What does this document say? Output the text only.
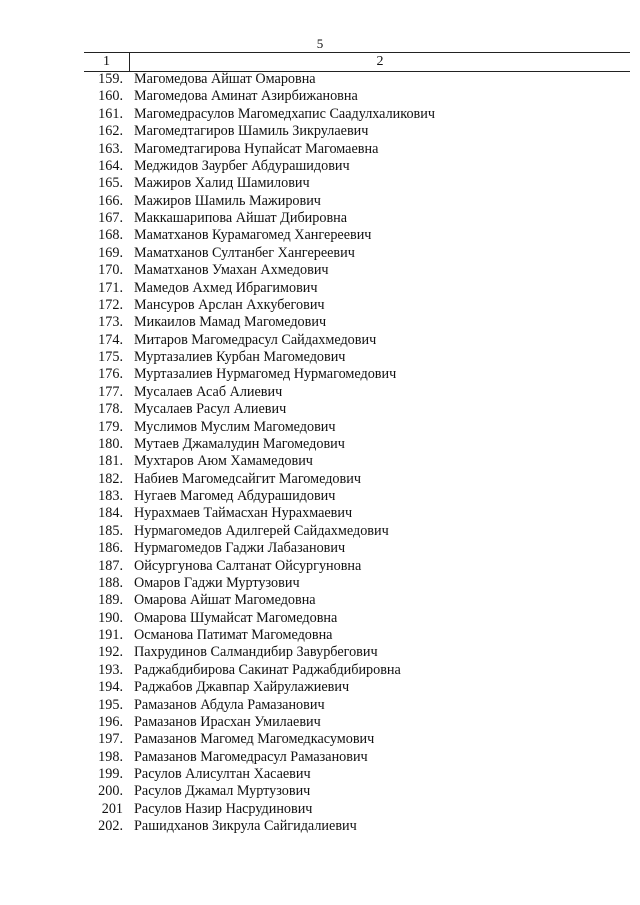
5
1	2
159. Магомедова Айшат Омаровна
160. Магомедова Аминат Азирбижановна
161. Магомедрасулов Магомедхапис Саадулхаликович
162. Магомедтагиров Шамиль Зикрулаевич
163. Магомедтагирова Нупайсат Магомаевна
164. Меджидов Заурбег Абдурашидович
165. Мажиров Халид Шамилович
166. Мажиров Шамиль Мажирович
167. Маккашарипова Айшат Дибировна
168. Маматханов Курамагомед Хангереевич
169. Маматханов Султанбег Хангереевич
170. Маматханов Умахан Ахмедович
171. Мамедов Ахмед Ибрагимович
172. Мансуров Арслан Ахкубегович
173. Микаилов Мамад Магомедович
174. Митаров Магомедрасул Сайдахмедович
175. Муртазалиев Курбан Магомедович
176. Муртазалиев Нурмагомед Нурмагомедович
177. Мусалаев Асаб Алиевич
178. Мусалаев Расул Алиевич
179. Муслимов Муслим Магомедович
180. Мутаев Джамалудин Магомедович
181. Мухтаров Аюм Хамамедович
182. Набиев Магомедсайгит Магомедович
183. Нугаев Магомед Абдурашидович
184. Нурахмаев Таймасхан Нурахмаевич
185. Нурмагомедов Адилгерей Сайдахмедович
186. Нурмагомедов Гаджи Лабазанович
187. Ойсургунова Салтанат Ойсургуновна
188. Омаров Гаджи Муртузович
189. Омарова Айшат Магомедовна
190. Омарова Шумайсат Магомедовна
191. Османова Патимат Магомедовна
192. Пахрудинов Салмандибир Завурбегович
193. Раджабдибирова Сакинат Раджабдибировна
194. Раджабов Джавпар Хайрулажиевич
195. Рамазанов Абдула Рамазанович
196. Рамазанов Ирасхан Умилаевич
197. Рамазанов Магомед Магомедкасумович
198. Рамазанов Магомедрасул Рамазанович
199. Расулов Алисултан Хасаевич
200. Расулов Джамал Муртузович
201 Расулов Назир Насрудинович
202. Рашидханов Зикрула Сайгидалиевич
